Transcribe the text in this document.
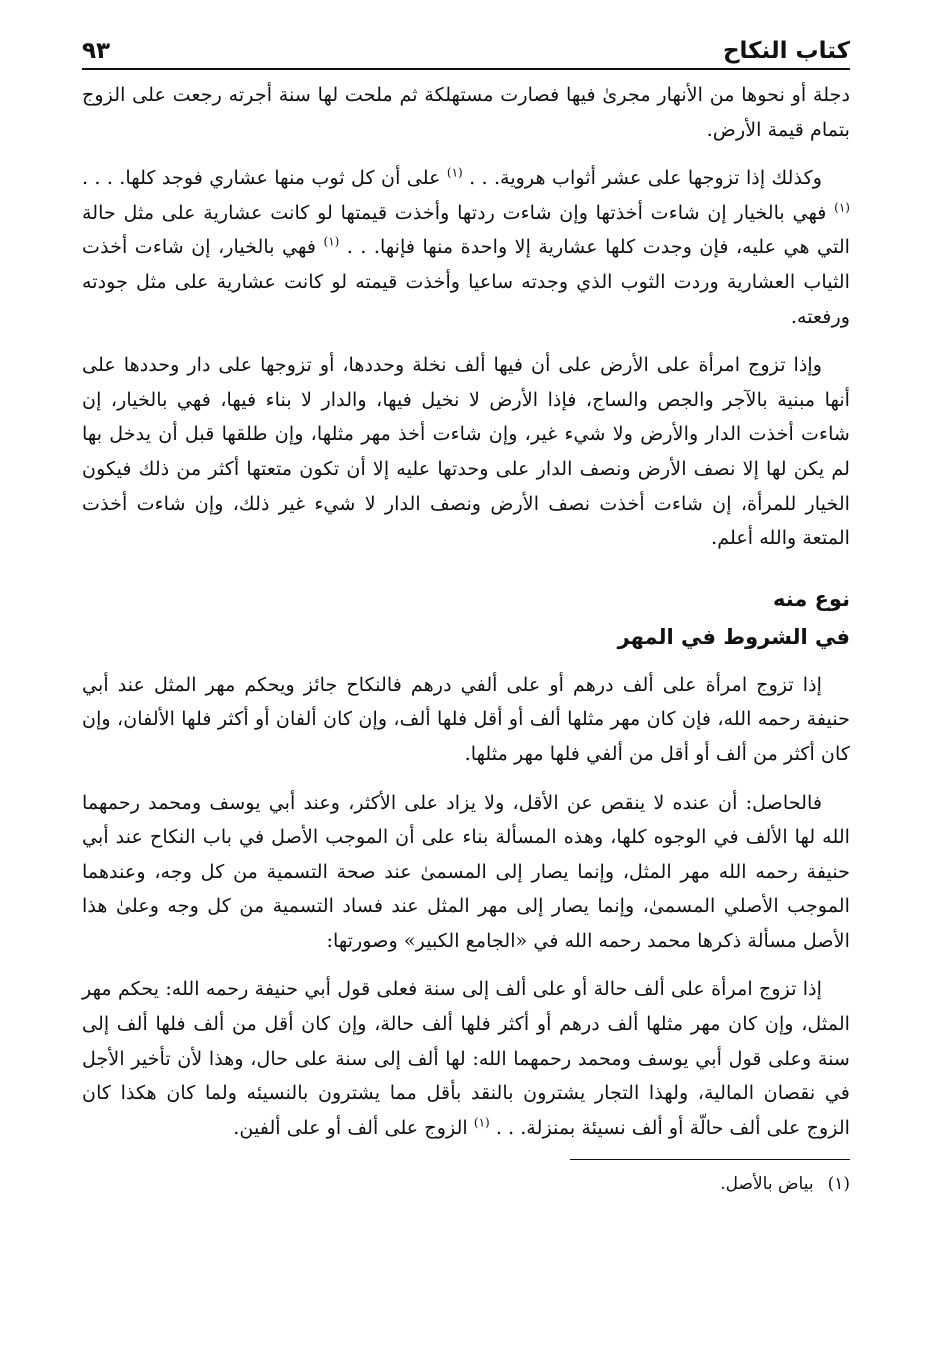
كتاب النكاح
٩٣

دجلة أو نحوها من الأنهار مجرىٰ فيها فصارت مستهلكة ثم ملحت لها سنة أجرته رجعت على الزوج بتمام قيمة الأرض.

وكذلك إذا تزوجها على عشر أثواب هروية. . . $^{(١)}$ على أن كل ثوب منها عشاري فوجد كلها. . . . $^{(١)}$ فهي بالخيار إن شاءت أخذتها وإن شاءت ردتها وأخذت قيمتها لو كانت عشارية على مثل حالة التي هي عليه، فإن وجدت كلها عشارية إلا واحدة منها فإنها. . . $^{(١)}$ فهي بالخيار، إن شاءت أخذت الثياب العشارية وردت الثوب الذي وجدته ساعيا وأخذت قيمته لو كانت عشارية على مثل جودته ورفعته.

وإذا تزوج امرأة على الأرض على أن فيها ألف نخلة وحددها، أو تزوجها على دار وحددها على أنها مبنية بالآجر والجص والساج، فإذا الأرض لا نخيل فيها، والدار لا بناء فيها، فهي بالخيار، إن شاءت أخذت الدار والأرض ولا شيء غير، وإن شاءت أخذ مهر مثلها، وإن طلقها قبل أن يدخل بها لم يكن لها إلا نصف الأرض ونصف الدار على وحدتها عليه إلا أن تكون متعتها أكثر من ذلك فيكون الخيار للمرأة، إن شاءت أخذت نصف الأرض ونصف الدار لا شيء غير ذلك، وإن شاءت أخذت المتعة والله أعلم.

نوع منه
في الشروط في المهر

إذا تزوج امرأة على ألف درهم أو على ألفي درهم فالنكاح جائز ويحكم مهر المثل عند أبي حنيفة رحمه الله، فإن كان مهر مثلها ألف أو أقل فلها ألف، وإن كان ألفان أو أكثر فلها الألفان، وإن كان أكثر من ألف أو أقل من ألفي فلها مهر مثلها.

فالحاصل: أن عنده لا ينقص عن الأقل، ولا يزاد على الأكثر، وعند أبي يوسف ومحمد رحمهما الله لها الألف في الوجوه كلها، وهذه المسألة بناء على أن الموجب الأصل في باب النكاح عند أبي حنيفة رحمه الله مهر المثل، وإنما يصار إلى المسمىٰ عند صحة التسمية من كل وجه، وعندهما الموجب الأصلي المسمىٰ، وإنما يصار إلى مهر المثل عند فساد التسمية من كل وجه وعلىٰ هذا الأصل مسألة ذكرها محمد رحمه الله في «الجامع الكبير» وصورتها:

إذا تزوج امرأة على ألف حالة أو على ألف إلى سنة فعلى قول أبي حنيفة رحمه الله: يحكم مهر المثل، وإن كان مهر مثلها ألف درهم أو أكثر فلها ألف حالة، وإن كان أقل من ألف فلها ألف إلى سنة وعلى قول أبي يوسف ومحمد رحمهما الله: لها ألف إلى سنة على حال، وهذا لأن تأخير الأجل في نقصان المالية، ولهذا التجار يشترون بالنقد بأقل مما يشترون بالنسيئه ولما كان هكذا كان الزوج على ألف حالّة أو ألف نسيئة بمنزلة. . . $^{(١)}$ الزوج على ألف أو على ألفين.

(١)بياض بالأصل.
